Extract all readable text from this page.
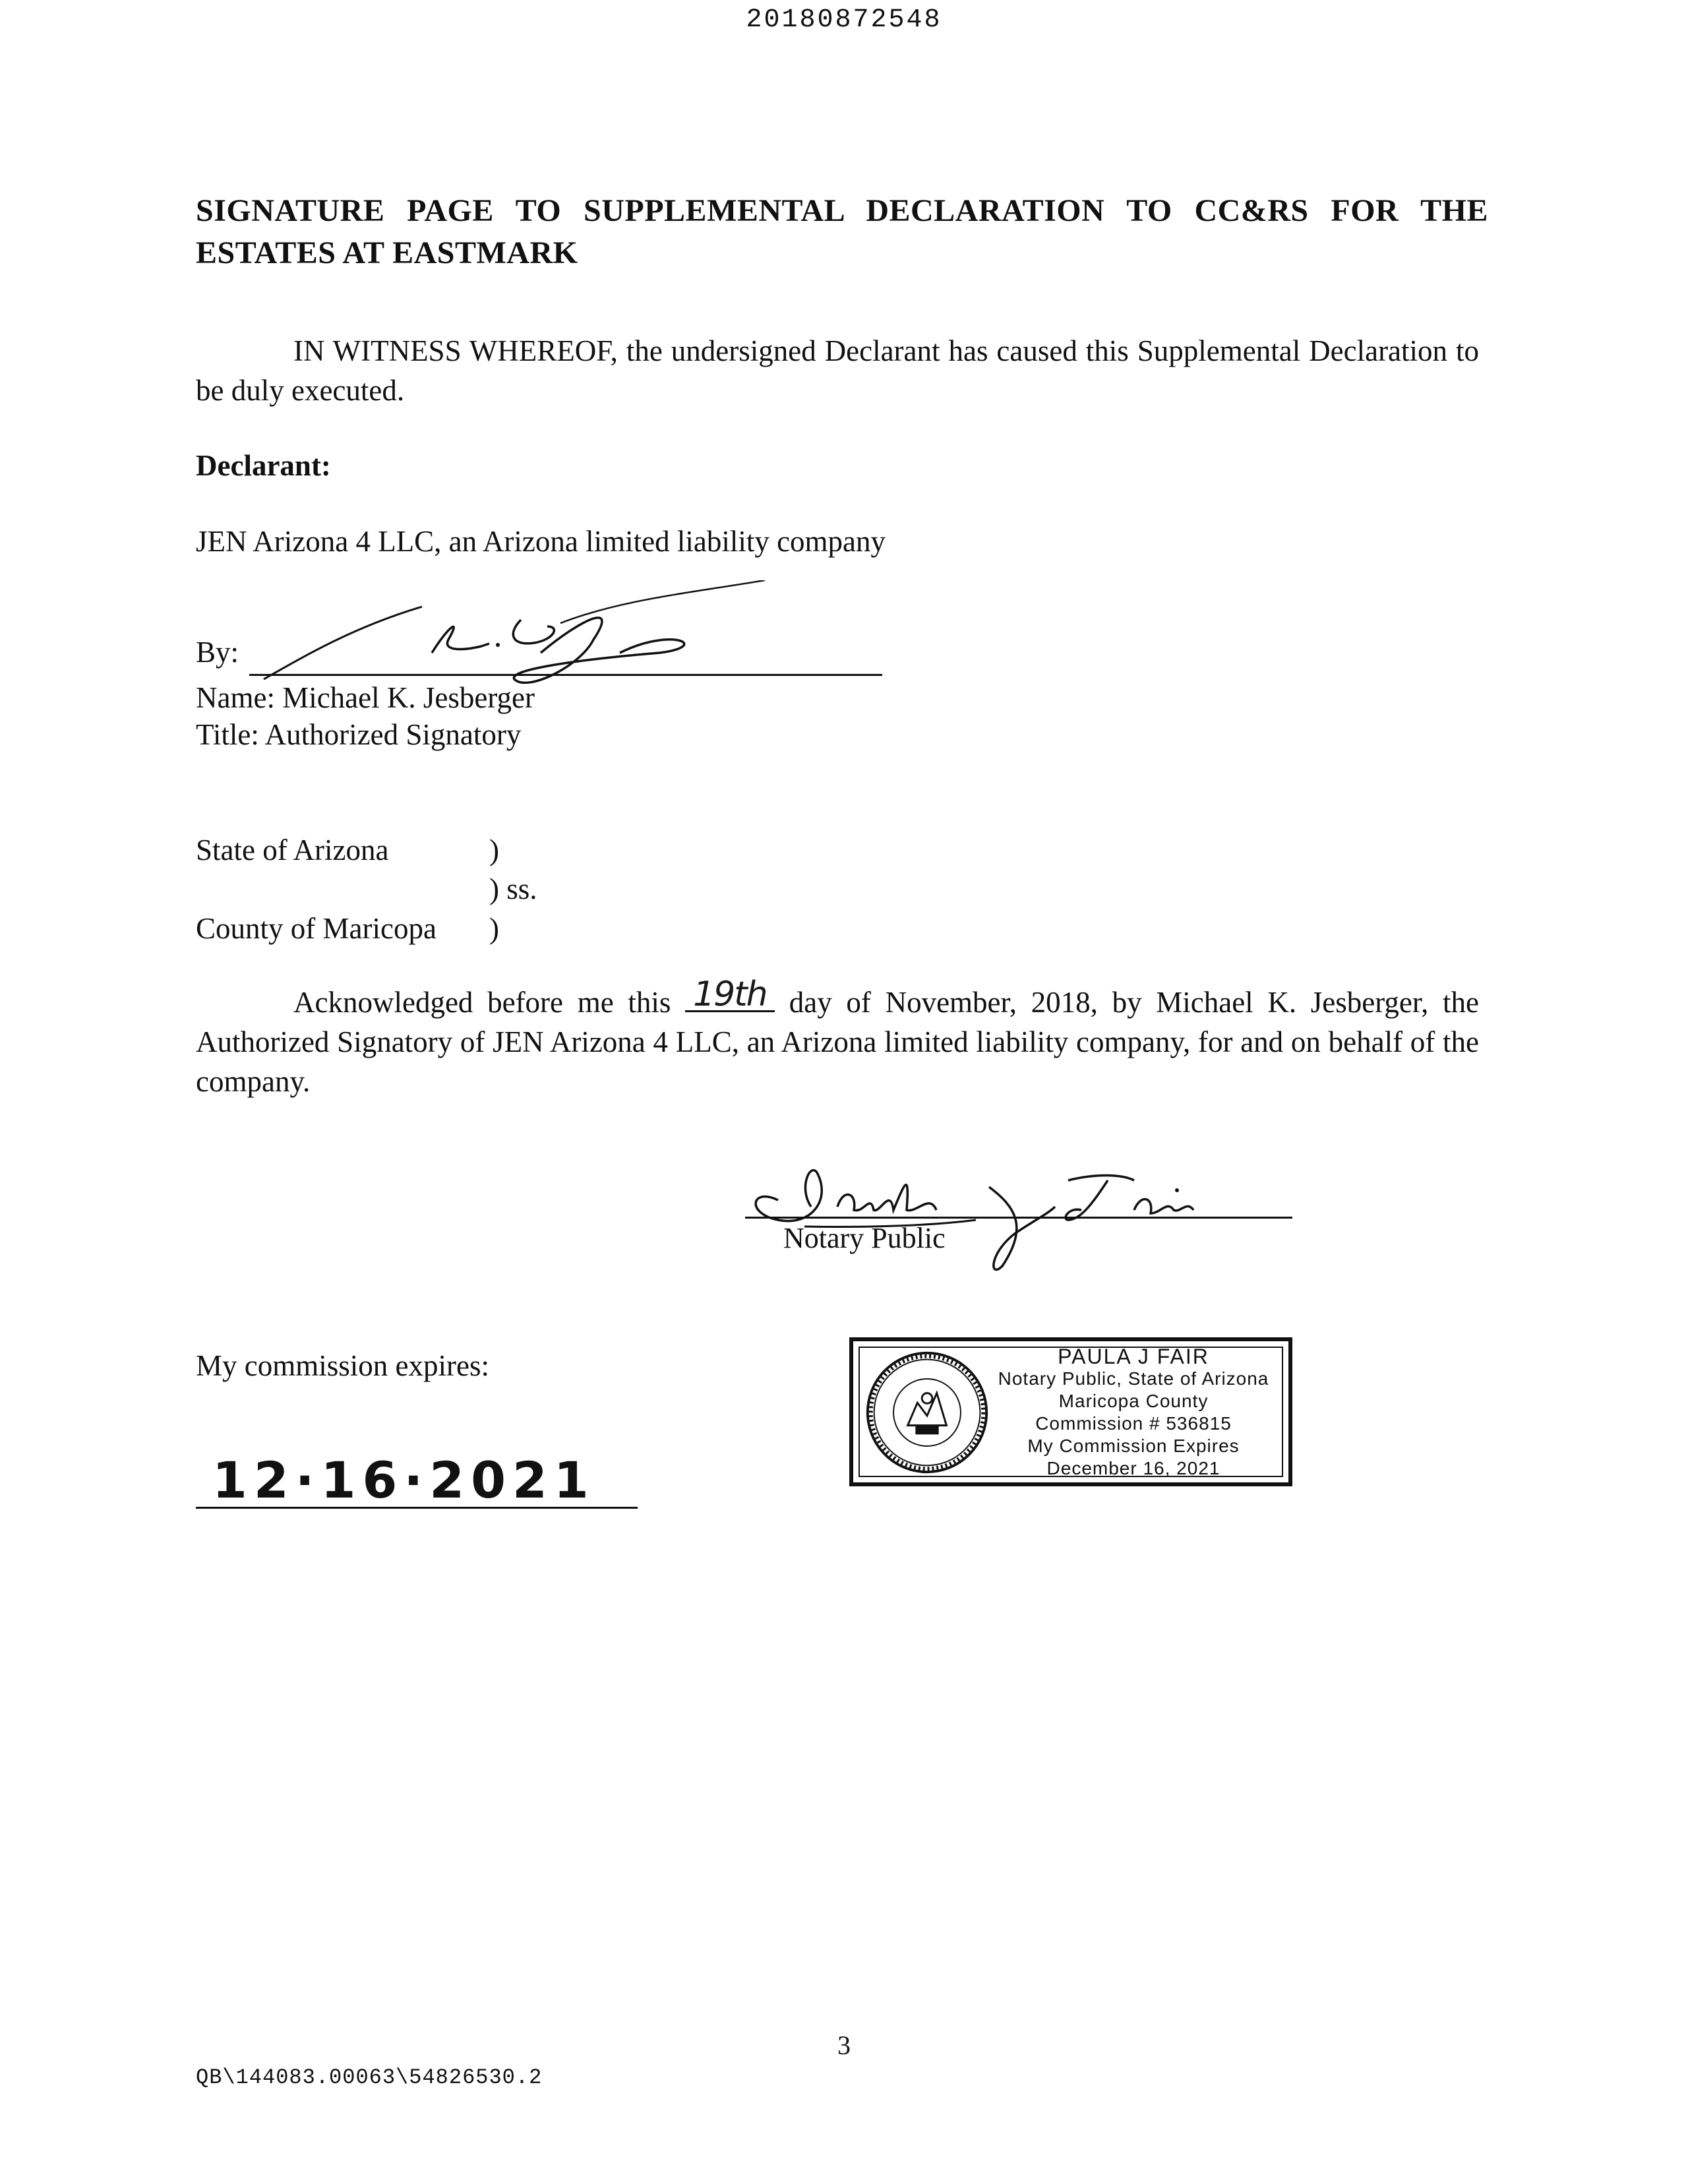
20180872548
SIGNATURE PAGE TO SUPPLEMENTAL DECLARATION TO CC&RS FOR THE ESTATES AT EASTMARK
IN WITNESS WHEREOF, the undersigned Declarant has caused this Supplemental Declaration to be duly executed.
Declarant:
JEN Arizona 4 LLC, an Arizona limited liability company
By:
Name: Michael K. Jesberger
Title: Authorized Signatory
State of Arizona	)
) ss.
County of Maricopa )
Acknowledged before me this 19th day of November, 2018, by Michael K. Jesberger, the Authorized Signatory of JEN Arizona 4 LLC, an Arizona limited liability company, for and on behalf of the company.
Notary Public
My commission expires:
12·16·2021
PAULA J FAIR
Notary Public, State of Arizona
Maricopa County
Commission # 536815
My Commission Expires
December 16, 2021
3
QB\144083.00063\54826530.2
